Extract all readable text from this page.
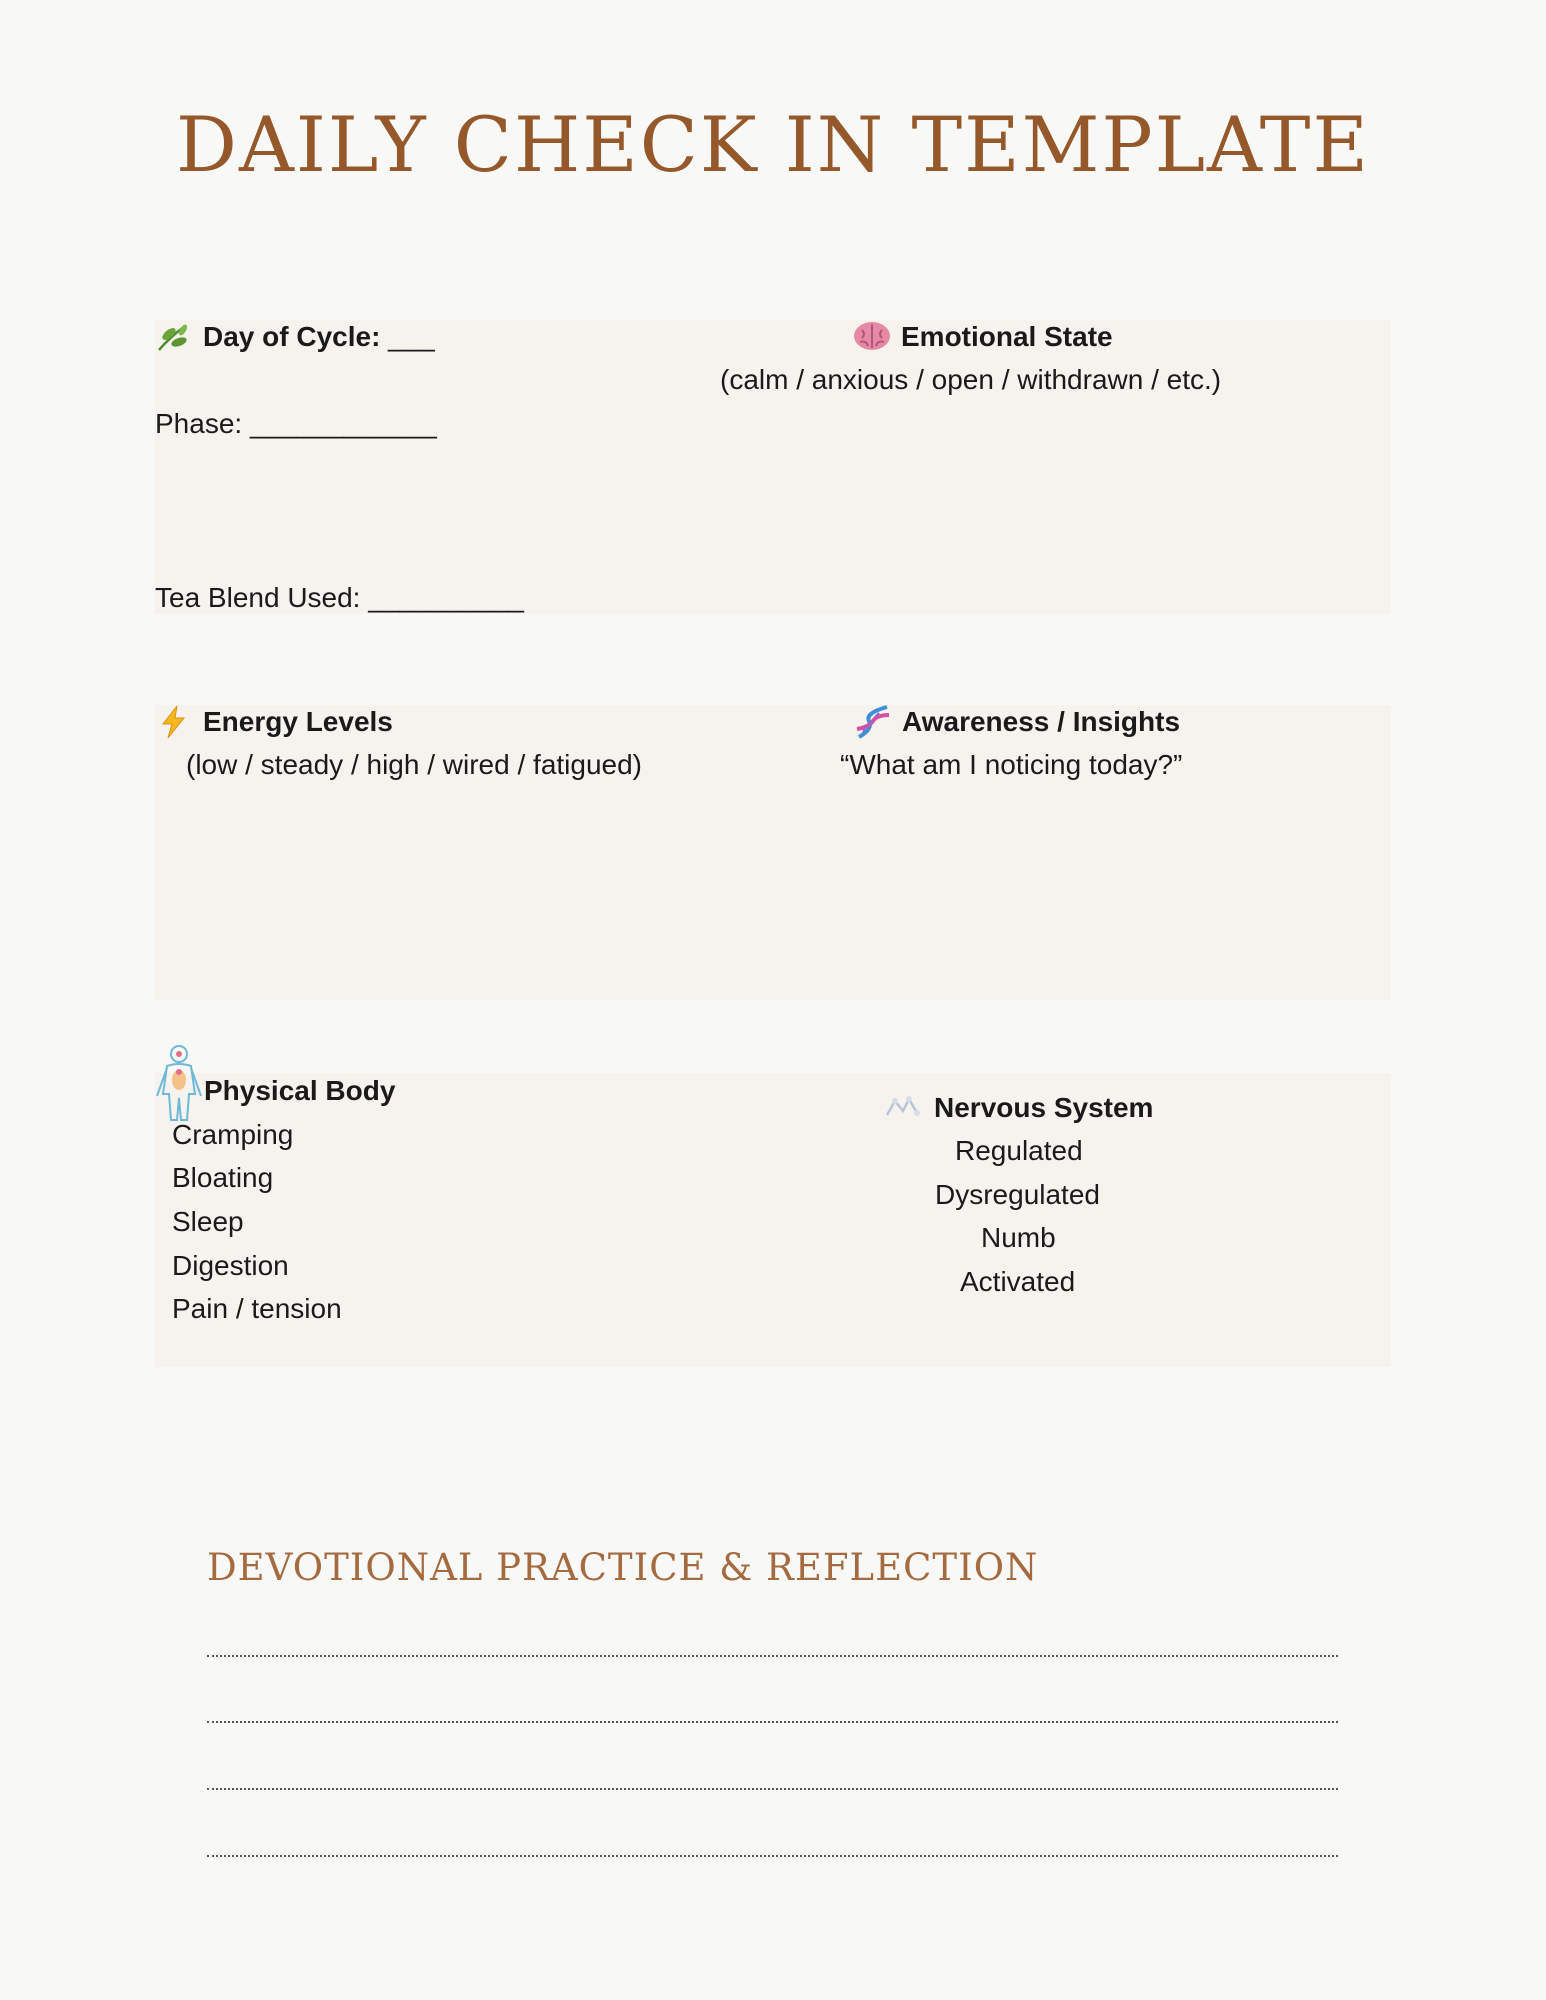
DAILY CHECK IN TEMPLATE
Day of Cycle: ___
Phase: ____________
Tea Blend Used: __________
Emotional State
(calm / anxious / open / withdrawn / etc.)
Energy Levels
(low / steady / high / wired / fatigued)
Awareness / Insights
“What am I noticing today?”
Physical Body
Cramping
Bloating
Sleep
Digestion
Pain / tension
Nervous System
Regulated
Dysregulated
Numb
Activated
DEVOTIONAL PRACTICE & REFLECTION
